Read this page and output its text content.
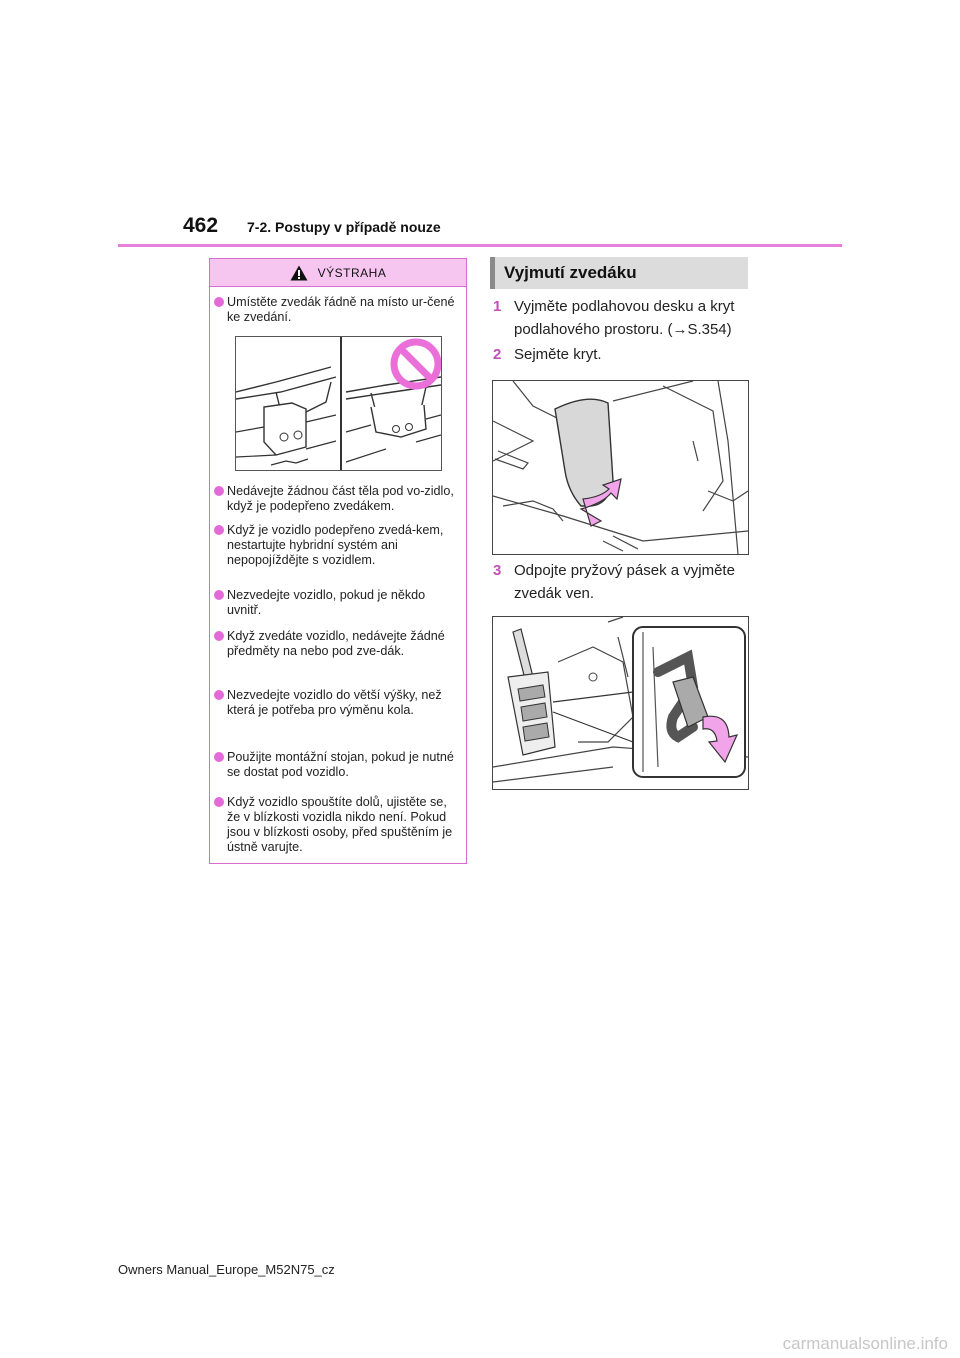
462 7-2. Postupy v případě nouze
VÝSTRAHA
Umístěte zvedák řádně na místo ur-čené ke zvedání.
Nedávejte žádnou část těla pod vo-zidlo, když je podepřeno zvedákem.
Když je vozidlo podepřeno zvedá-kem, nestartujte hybridní systém ani nepopojíždějte s vozidlem.
Nezvedejte vozidlo, pokud je někdo uvnitř.
Když zvedáte vozidlo, nedávejte žádné předměty na nebo pod zve-dák.
Nezvedejte vozidlo do větší výšky, než která je potřeba pro výměnu kola.
Použijte montážní stojan, pokud je nutné se dostat pod vozidlo.
Když vozidlo spouštíte dolů, ujistěte se, že v blízkosti vozidla nikdo není. Pokud jsou v blízkosti osoby, před spuštěním je ústně varujte.
Vyjmutí zvedáku
1 Vyjměte podlahovou desku a kryt podlahového prostoru. (→S.354)
2 Sejměte kryt.
3 Odpojte pryžový pásek a vyjměte zvedák ven.
Owners Manual_Europe_M52N75_cz
carmanualsonline.info
